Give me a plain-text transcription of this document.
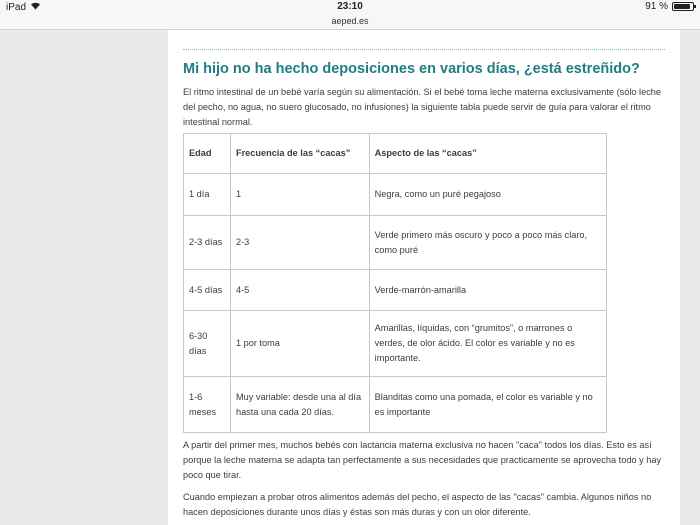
iPad	23:10	91 %
aeped.es
Mi hijo no ha hecho deposiciones en varios días, ¿está estreñido?

El ritmo intestinal de un bebé varía según su alimentación. Si el bebé toma leche materna exclusivamente (sólo leche del pecho, no agua, no suero glucosado, no infusiones) la siguiente tabla puede servir de guía para valorar el ritmo intestinal normal.

Edad	Frecuencia de las “cacas”	Aspecto de las “cacas”
1 día	1	Negra, como un puré pegajoso
2-3 días	2-3	Verde primero más oscuro y poco a poco más claro, como puré
4-5 días	4-5	Verde-marrón-amarilla
6-30 días	1 por toma	Amarillas, líquidas, con “grumitos”, o marrones o verdes, de olor ácido. El color es variable y no es importante.
1-6 meses	Muy variable: desde una al día hasta una cada 20 días.	Blanditas como una pomada, el color es variable y no es importante

A partir del primer mes, muchos bebés con lactancia materna exclusiva no hacen "caca" todos los días. Esto es así porque la leche materna se adapta tan perfectamente a sus necesidades que practicamente se aprovecha todo y hay poco que tirar.

Cuando empiezan a probar otros alimentos además del pecho, el aspecto de las "cacas" cambia. Algunos niños no hacen deposiciones durante unos días y éstas son más duras y con un olor diferente.
